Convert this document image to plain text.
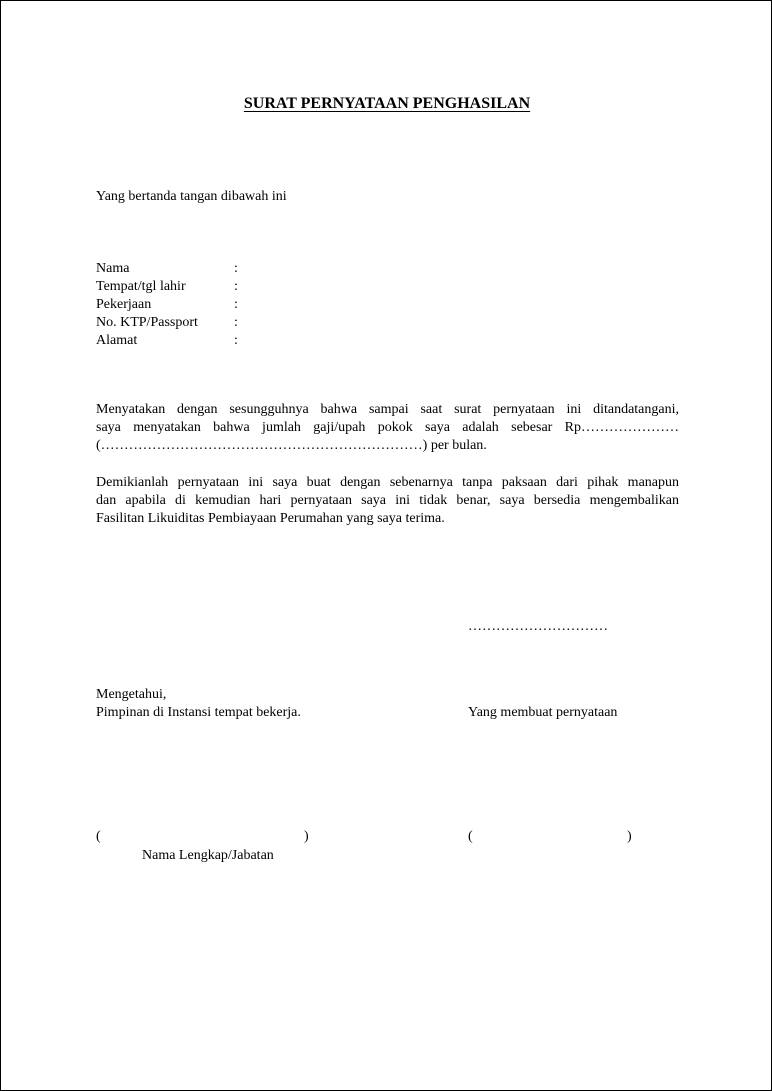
SURAT PERNYATAAN PENGHASILAN
Yang bertanda tangan dibawah ini
Nama	:
Tempat/tgl lahir	:
Pekerjaan	:
No. KTP/Passport	:
Alamat	:
Menyatakan dengan sesungguhnya bahwa sampai saat surat pernyataan ini ditandatangani,
saya menyatakan bahwa jumlah gaji/upah pokok saya adalah sebesar Rp…………………
(……………………………………………………………) per bulan.
Demikianlah pernyataan ini saya buat dengan sebenarnya tanpa paksaan dari pihak manapun
dan apabila di kemudian hari pernyataan saya ini tidak benar, saya bersedia mengembalikan
Fasilitan Likuiditas Pembiayaan Perumahan yang saya terima.
…………………………
Mengetahui,
Pimpinan di Instansi tempat bekerja.	Yang membuat pernyataan
(	)	(	)
Nama Lengkap/Jabatan
